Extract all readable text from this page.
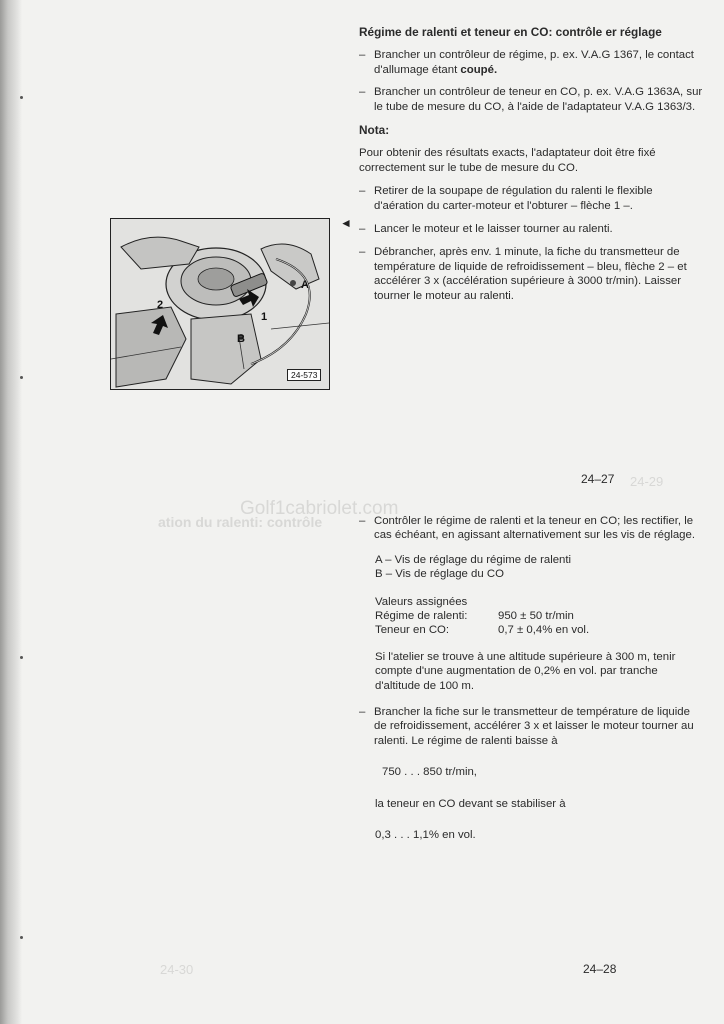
Golf1cabriolet.com
ation du ralenti: contrôle
24-29
24-30

Régime de ralenti et teneur en CO: contrôle er réglage

– Brancher un contrôleur de régime, p. ex. V.A.G 1367, le contact d'allumage étant coupé.

– Brancher un contrôleur de teneur en CO, p. ex. V.A.G 1363A, sur le tube de mesure du CO, à l'aide de l'adaptateur V.A.G 1363/3.

Nota:

Pour obtenir des résultats exacts, l'adaptateur doit être fixé correctement sur le tube de mesure du CO.

– Retirer de la soupape de régulation du ralenti le flexible d'aération du carter-moteur et l'obturer – flèche 1 –.

– Lancer le moteur et le laisser tourner au ralenti.

– Débrancher, après env. 1 minute, la fiche du transmetteur de température de liquide de refroidissement – bleu, flèche 2 – et accélérer 3 x (accélération supérieure à 3000 tr/min). Laisser tourner le moteur au ralenti.

◄
A
B
1
2
24-573
24–27

– Contrôler le régime de ralenti et la teneur en CO; les rectifier, le cas échéant, en agissant alternativement sur les vis de réglage.

A – Vis de réglage du régime de ralenti

B – Vis de réglage du CO

Valeurs assignées

Régime de ralenti:	950 ± 50 tr/min
Teneur en CO:	0,7 ± 0,4% en vol.

Si l'atelier se trouve à une altitude supérieure à 300 m, tenir compte d'une augmentation de 0,2% en vol. par tranche d'altitude de 100 m.

– Brancher la fiche sur le transmetteur de température de liquide de refroidissement, accélérer 3 x et laisser le moteur tourner au ralenti. Le régime de ralenti baisse à

750 . . . 850 tr/min,

la teneur en CO devant se stabiliser à

0,3 . . . 1,1% en vol.

24–28
